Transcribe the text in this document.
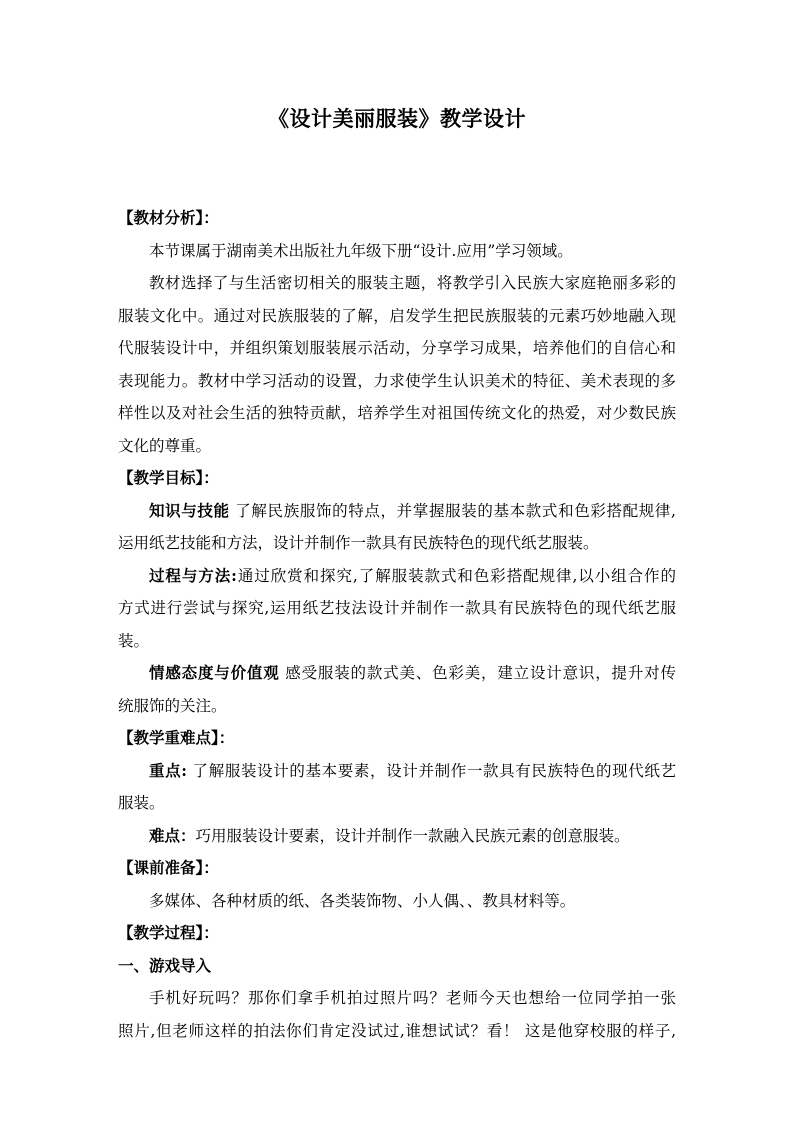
《设计美丽服装》教学设计
【教材分析】：
本节课属于湖南美术出版社九年级下册“设计.应用”学习领域。
教材选择了与生活密切相关的服装主题，将教学引入民族大家庭艳丽多彩的
服装文化中。通过对民族服装的了解，启发学生把民族服装的元素巧妙地融入现
代服装设计中，并组织策划服装展示活动，分享学习成果，培养他们的自信心和
表现能力。教材中学习活动的设置，力求使学生认识美术的特征、美术表现的多
样性以及对社会生活的独特贡献，培养学生对祖国传统文化的热爱，对少数民族
文化的尊重。
【教学目标】：
知识与技能 了解民族服饰的特点，并掌握服装的基本款式和色彩搭配规律,
运用纸艺技能和方法，设计并制作一款具有民族特色的现代纸艺服装。
过程与方法:通过欣赏和探究,了解服装款式和色彩搭配规律,以小组合作的
方式进行尝试与探究,运用纸艺技法设计并制作一款具有民族特色的现代纸艺服
装。
情感态度与价值观 感受服装的款式美、色彩美，建立设计意识，提升对传
统服饰的关注。
【教学重难点】：
重点: 了解服装设计的基本要素，设计并制作一款具有民族特色的现代纸艺
服装。
难点：巧用服装设计要素，设计并制作一款融入民族元素的创意服装。
【课前准备】：
多媒体、各种材质的纸、各类装饰物、小人偶、、教具材料等。
【教学过程】：
一、游戏导入
手机好玩吗？那你们拿手机拍过照片吗？老师今天也想给一位同学拍一张
照片,但老师这样的拍法你们肯定没试过,谁想试试？看！ 这是他穿校服的样子,
